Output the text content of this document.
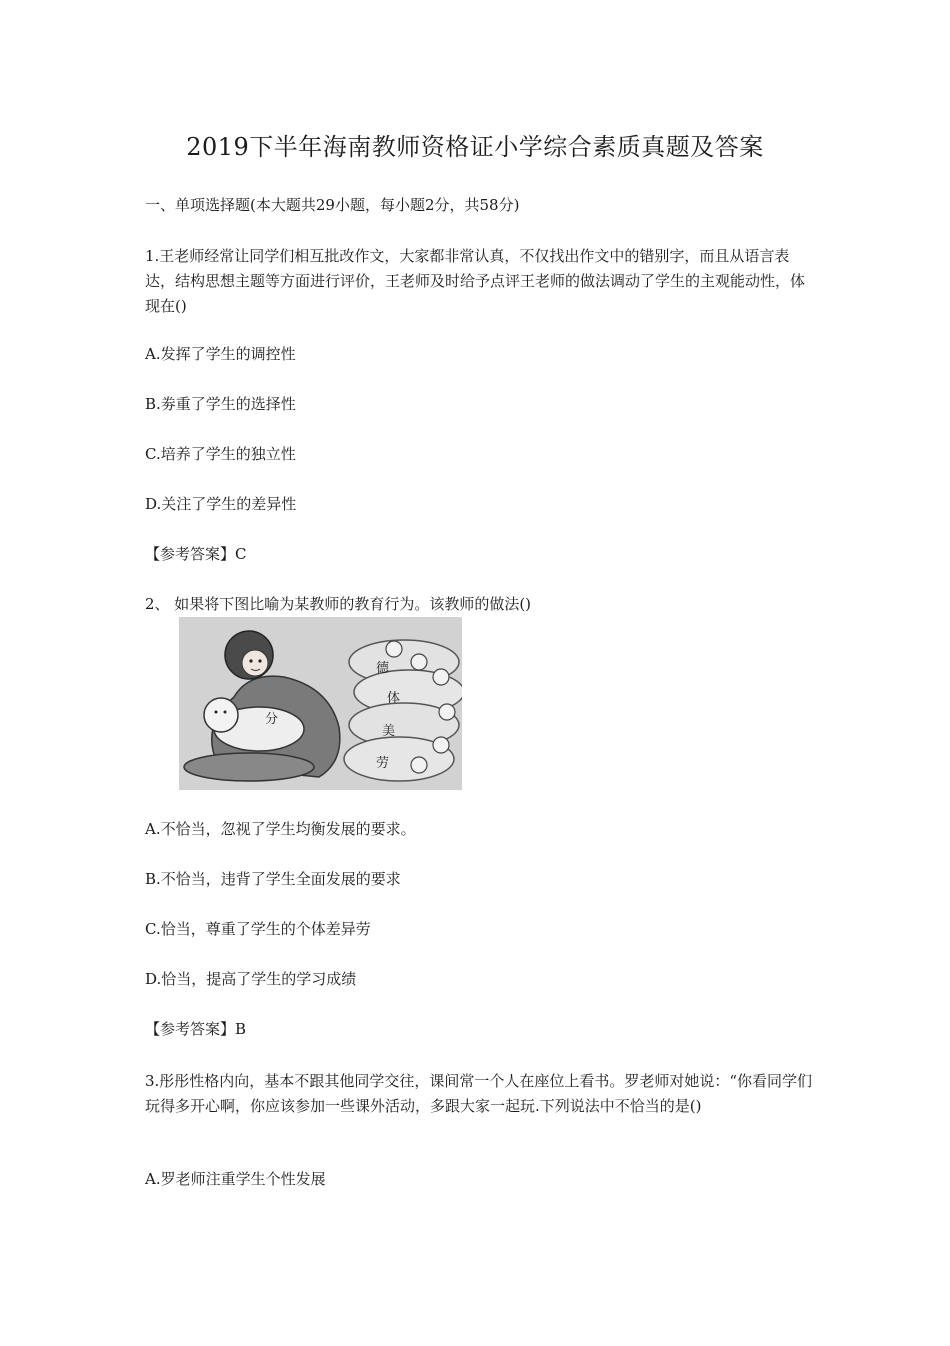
2019下半年海南教师资格证小学综合素质真题及答案

一、单项选择题(本大题共29小题，每小题2分，共58分)

1.王老师经常让同学们相互批改作文，大家都非常认真，不仅找出作文中的错别字，而且从语言表达，结构思想主题等方面进行评价，王老师及时给予点评王老师的做法调动了学生的主观能动性，体现在()

A.发挥了学生的调控性

B.劵重了学生的选择性

C.培养了学生的独立性

D.关注了学生的差异性

【参考答案】C

2、 如果将下图比喻为某教师的教育行为。该教师的做法()

分
德
体
美
劳

A.不恰当，忽视了学生均衡发展的要求。

B.不恰当，违背了学生全面发展的要求

C.恰当，尊重了学生的个体差异劳

D.恰当，提高了学生的学习成绩

【参考答案】B

3.彤彤性格内向，基本不跟其他同学交往，课间常一个人在座位上看书。罗老师对她说：“你看同学们玩得多开心啊，你应该参加一些课外活动，多跟大家一起玩.下列说法中不恰当的是()

A.罗老师注重学生个性发展
